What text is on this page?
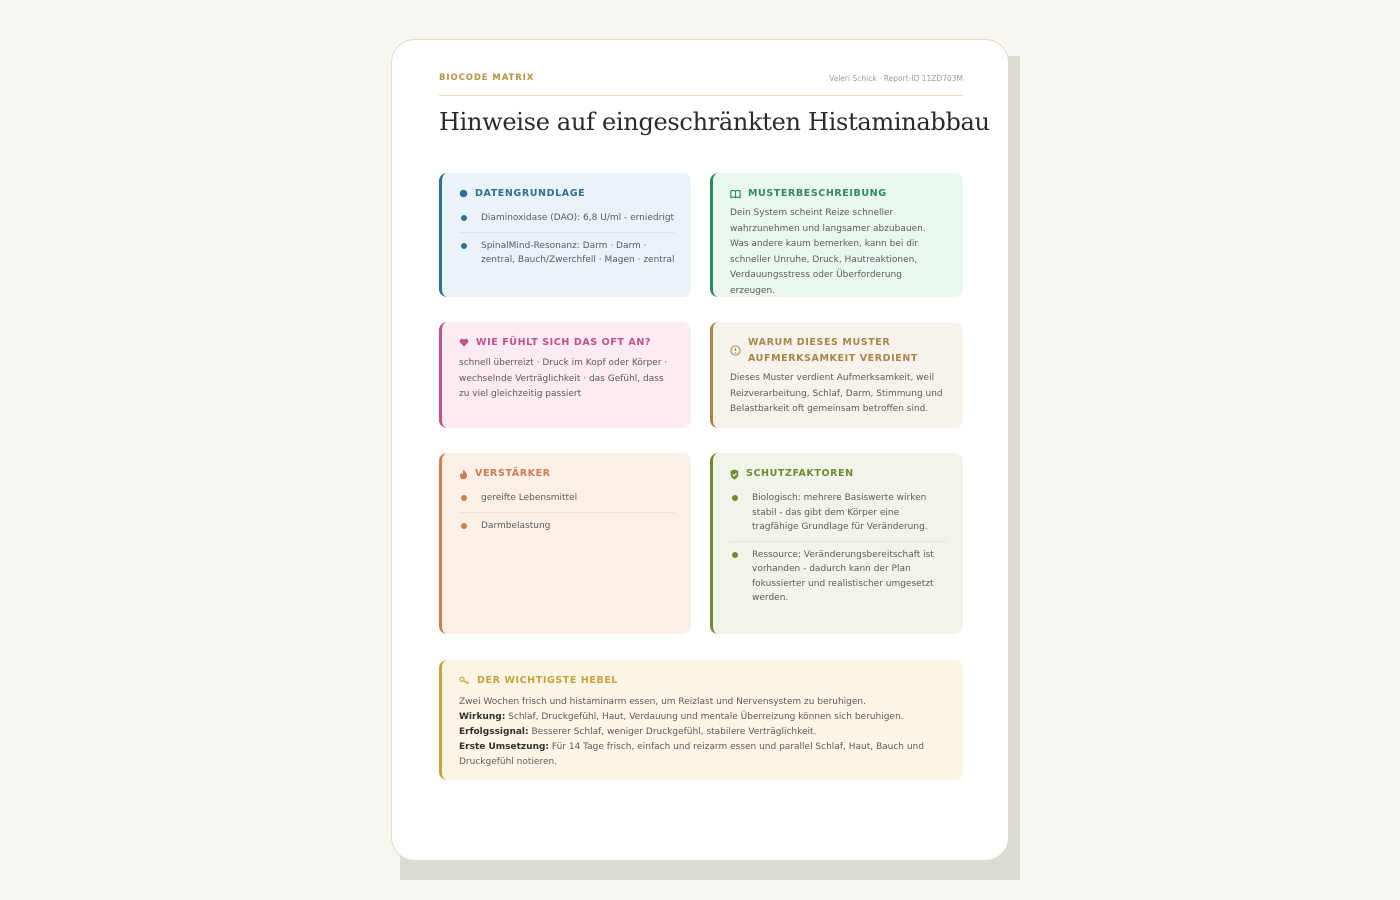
BIOCODE MATRIX	Valeri Schick · Report-ID 11ZD703M
Hinweise auf eingeschränkten Histaminabbau
DATENGRUNDLAGE
Diaminoxidase (DAO): 6,8 U/ml - erniedrigt
SpinalMind-Resonanz: Darm · Darm · zentral, Bauch/Zwerchfell · Magen · zentral
MUSTERBESCHREIBUNG
Dein System scheint Reize schneller wahrzunehmen und langsamer abzubauen. Was andere kaum bemerken, kann bei dir schneller Unruhe, Druck, Hautreaktionen, Verdauungsstress oder Überforderung erzeugen.
WIE FÜHLT SICH DAS OFT AN?
schnell überreizt · Druck im Kopf oder Körper · wechselnde Verträglichkeit · das Gefühl, dass zu viel gleichzeitig passiert
WARUM DIESES MUSTER AUFMERKSAMKEIT VERDIENT
Dieses Muster verdient Aufmerksamkeit, weil Reizverarbeitung, Schlaf, Darm, Stimmung und Belastbarkeit oft gemeinsam betroffen sind.
VERSTÄRKER
gereifte Lebensmittel
Darmbelastung
SCHUTZFAKTOREN
Biologisch: mehrere Basiswerte wirken stabil - das gibt dem Körper eine tragfähige Grundlage für Veränderung.
Ressource: Veränderungsbereitschaft ist vorhanden - dadurch kann der Plan fokussierter und realistischer umgesetzt werden.
DER WICHTIGSTE HEBEL

Zwei Wochen frisch und histaminarm essen, um Reizlast und Nervensystem zu beruhigen.

Wirkung: Schlaf, Druckgefühl, Haut, Verdauung und mentale Überreizung können sich beruhigen.

Erfolgssignal: Besserer Schlaf, weniger Druckgefühl, stabilere Verträglichkeit.

Erste Umsetzung: Für 14 Tage frisch, einfach und reizarm essen und parallel Schlaf, Haut, Bauch und Druckgefühl notieren.
